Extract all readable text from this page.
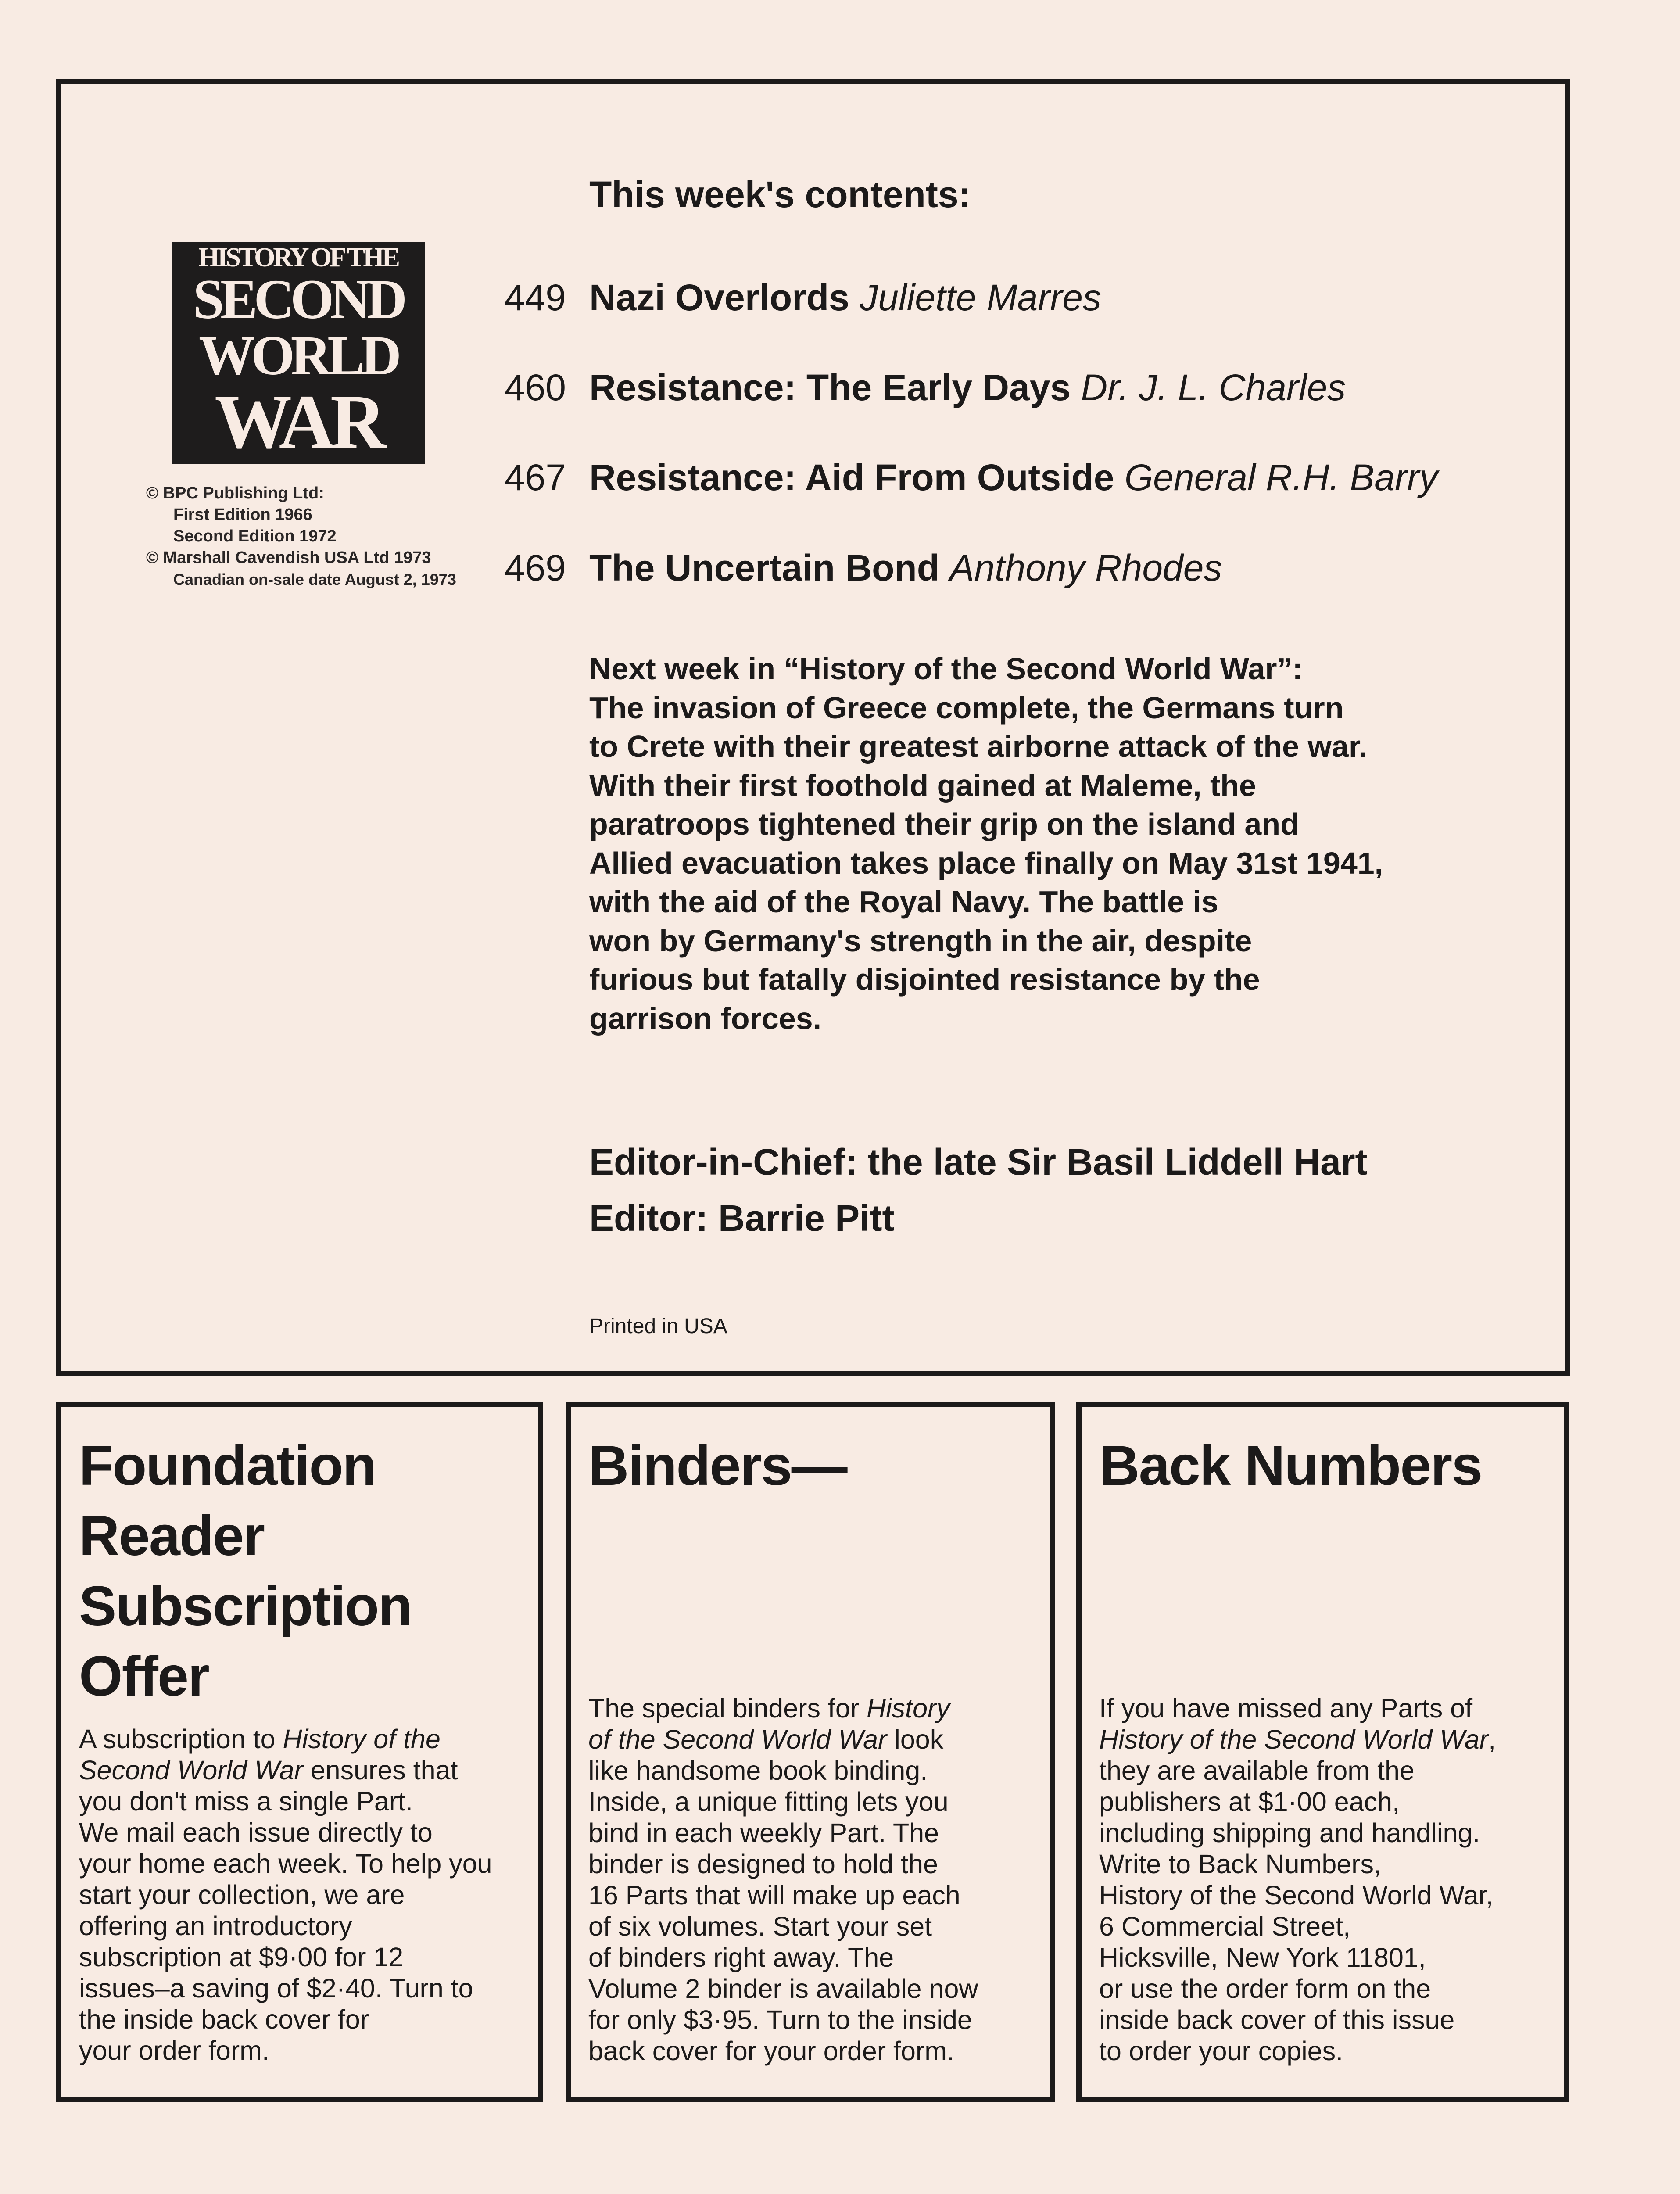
HISTORY OF THE
SECOND
WORLD
WAR
© BPC Publishing Ltd:
First Edition 1966
Second Edition 1972
© Marshall Cavendish USA Ltd 1973
Canadian on-sale date August 2, 1973
This week's contents:
449 Nazi Overlords Juliette Marres
460 Resistance: The Early Days Dr. J. L. Charles
467 Resistance: Aid From Outside General R.H. Barry
469 The Uncertain Bond Anthony Rhodes
Next week in “History of the Second World War”:
The invasion of Greece complete, the Germans turn
to Crete with their greatest airborne attack of the war.
With their first foothold gained at Maleme, the
paratroops tightened their grip on the island and
Allied evacuation takes place finally on May 31st 1941,
with the aid of the Royal Navy. The battle is
won by Germany's strength in the air, despite
furious but fatally disjointed resistance by the
garrison forces.
Editor-in-Chief: the late Sir Basil Liddell Hart
Editor: Barrie Pitt
Printed in USA
Foundation
Reader
Subscription
Offer
A subscription to History of the
Second World War ensures that
you don't miss a single Part.
We mail each issue directly to
your home each week. To help you
start your collection, we are
offering an introductory
subscription at $9·00 for 12
issues–a saving of $2·40. Turn to
the inside back cover for
your order form.
Binders—
The special binders for History
of the Second World War look
like handsome book binding.
Inside, a unique fitting lets you
bind in each weekly Part. The
binder is designed to hold the
16 Parts that will make up each
of six volumes. Start your set
of binders right away. The
Volume 2 binder is available now
for only $3·95. Turn to the inside
back cover for your order form.
Back Numbers
If you have missed any Parts of
History of the Second World War,
they are available from the
publishers at $1·00 each,
including shipping and handling.
Write to Back Numbers,
History of the Second World War,
6 Commercial Street,
Hicksville, New York 11801,
or use the order form on the
inside back cover of this issue
to order your copies.
